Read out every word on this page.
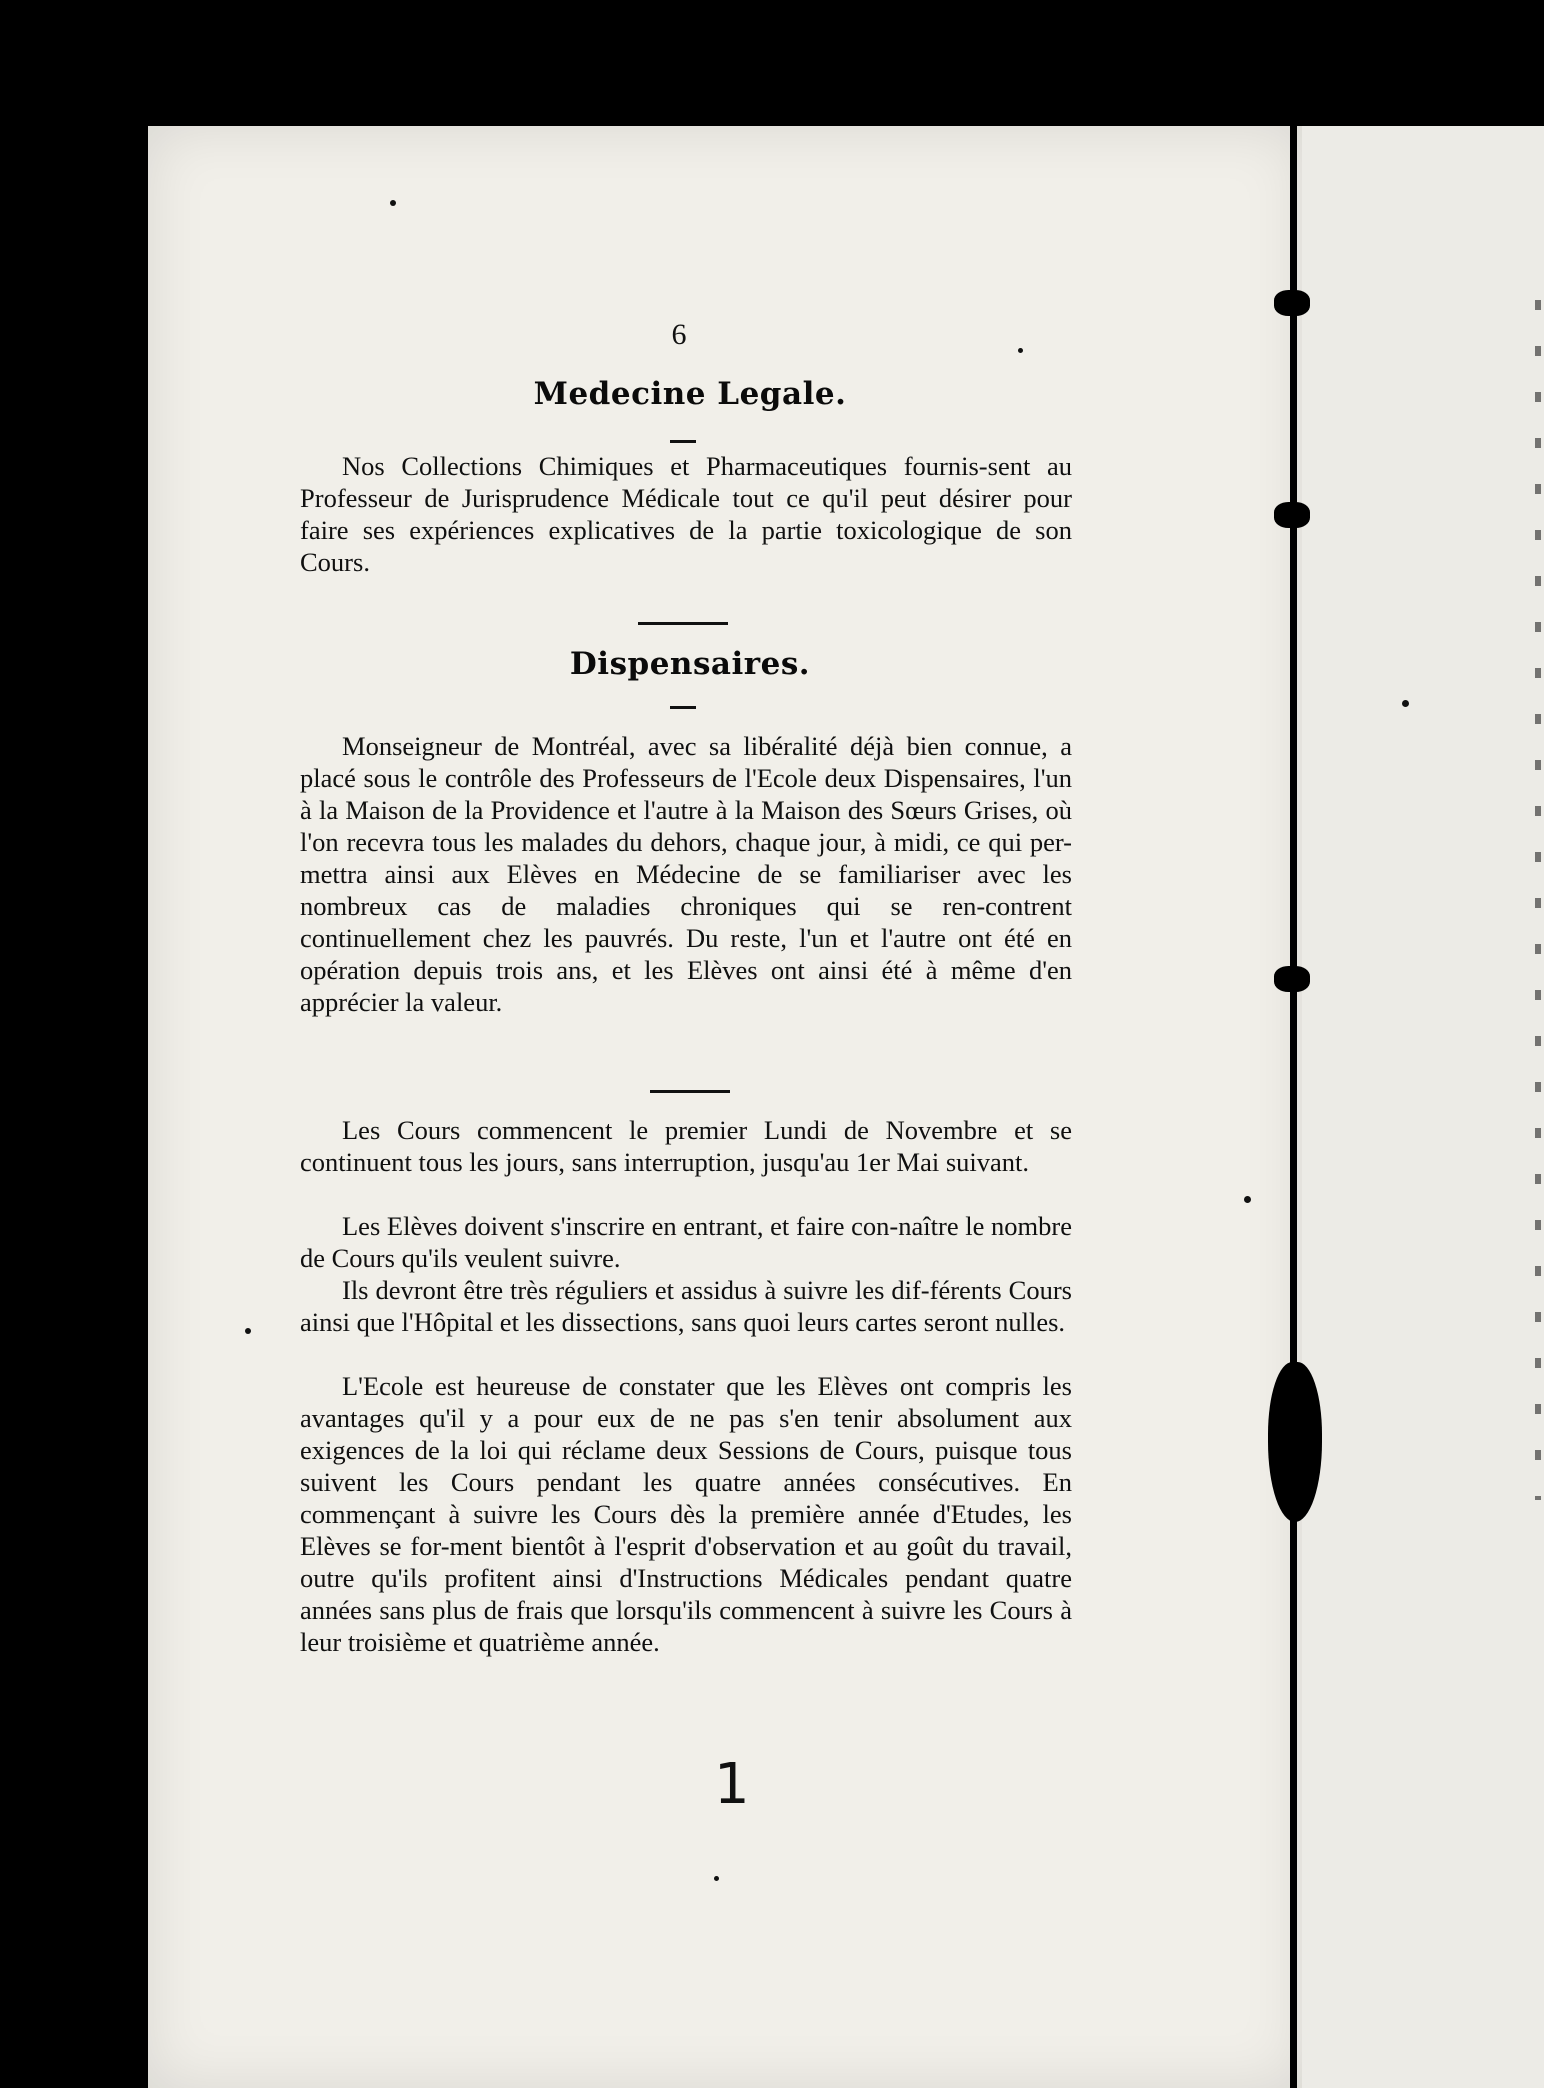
6
Medecine Legale.

Nos Collections Chimiques et Pharmaceutiques fournis-sent au Professeur de Jurisprudence Médicale tout ce qu'il peut désirer pour faire ses expériences explicatives de la partie toxicologique de son Cours.

Dispensaires.

Monseigneur de Montréal, avec sa libéralité déjà bien connue, a placé sous le contrôle des Professeurs de l'Ecole deux Dispensaires, l'un à la Maison de la Providence et l'autre à la Maison des Sœurs Grises, où l'on recevra tous les malades du dehors, chaque jour, à midi, ce qui per-mettra ainsi aux Elèves en Médecine de se familiariser avec les nombreux cas de maladies chroniques qui se ren-contrent continuellement chez les pauvrés. Du reste, l'un et l'autre ont été en opération depuis trois ans, et les Elèves ont ainsi été à même d'en apprécier la valeur.

Les Cours commencent le premier Lundi de Novembre et se continuent tous les jours, sans interruption, jusqu'au 1er Mai suivant.

Les Elèves doivent s'inscrire en entrant, et faire con-naître le nombre de Cours qu'ils veulent suivre.

Ils devront être très réguliers et assidus à suivre les dif-férents Cours ainsi que l'Hôpital et les dissections, sans quoi leurs cartes seront nulles.

L'Ecole est heureuse de constater que les Elèves ont compris les avantages qu'il y a pour eux de ne pas s'en tenir absolument aux exigences de la loi qui réclame deux Sessions de Cours, puisque tous suivent les Cours pendant les quatre années consécutives. En commençant à suivre les Cours dès la première année d'Etudes, les Elèves se for-ment bientôt à l'esprit d'observation et au goût du travail, outre qu'ils profitent ainsi d'Instructions Médicales pendant quatre années sans plus de frais que lorsqu'ils commencent à suivre les Cours à leur troisième et quatrième année.

1
